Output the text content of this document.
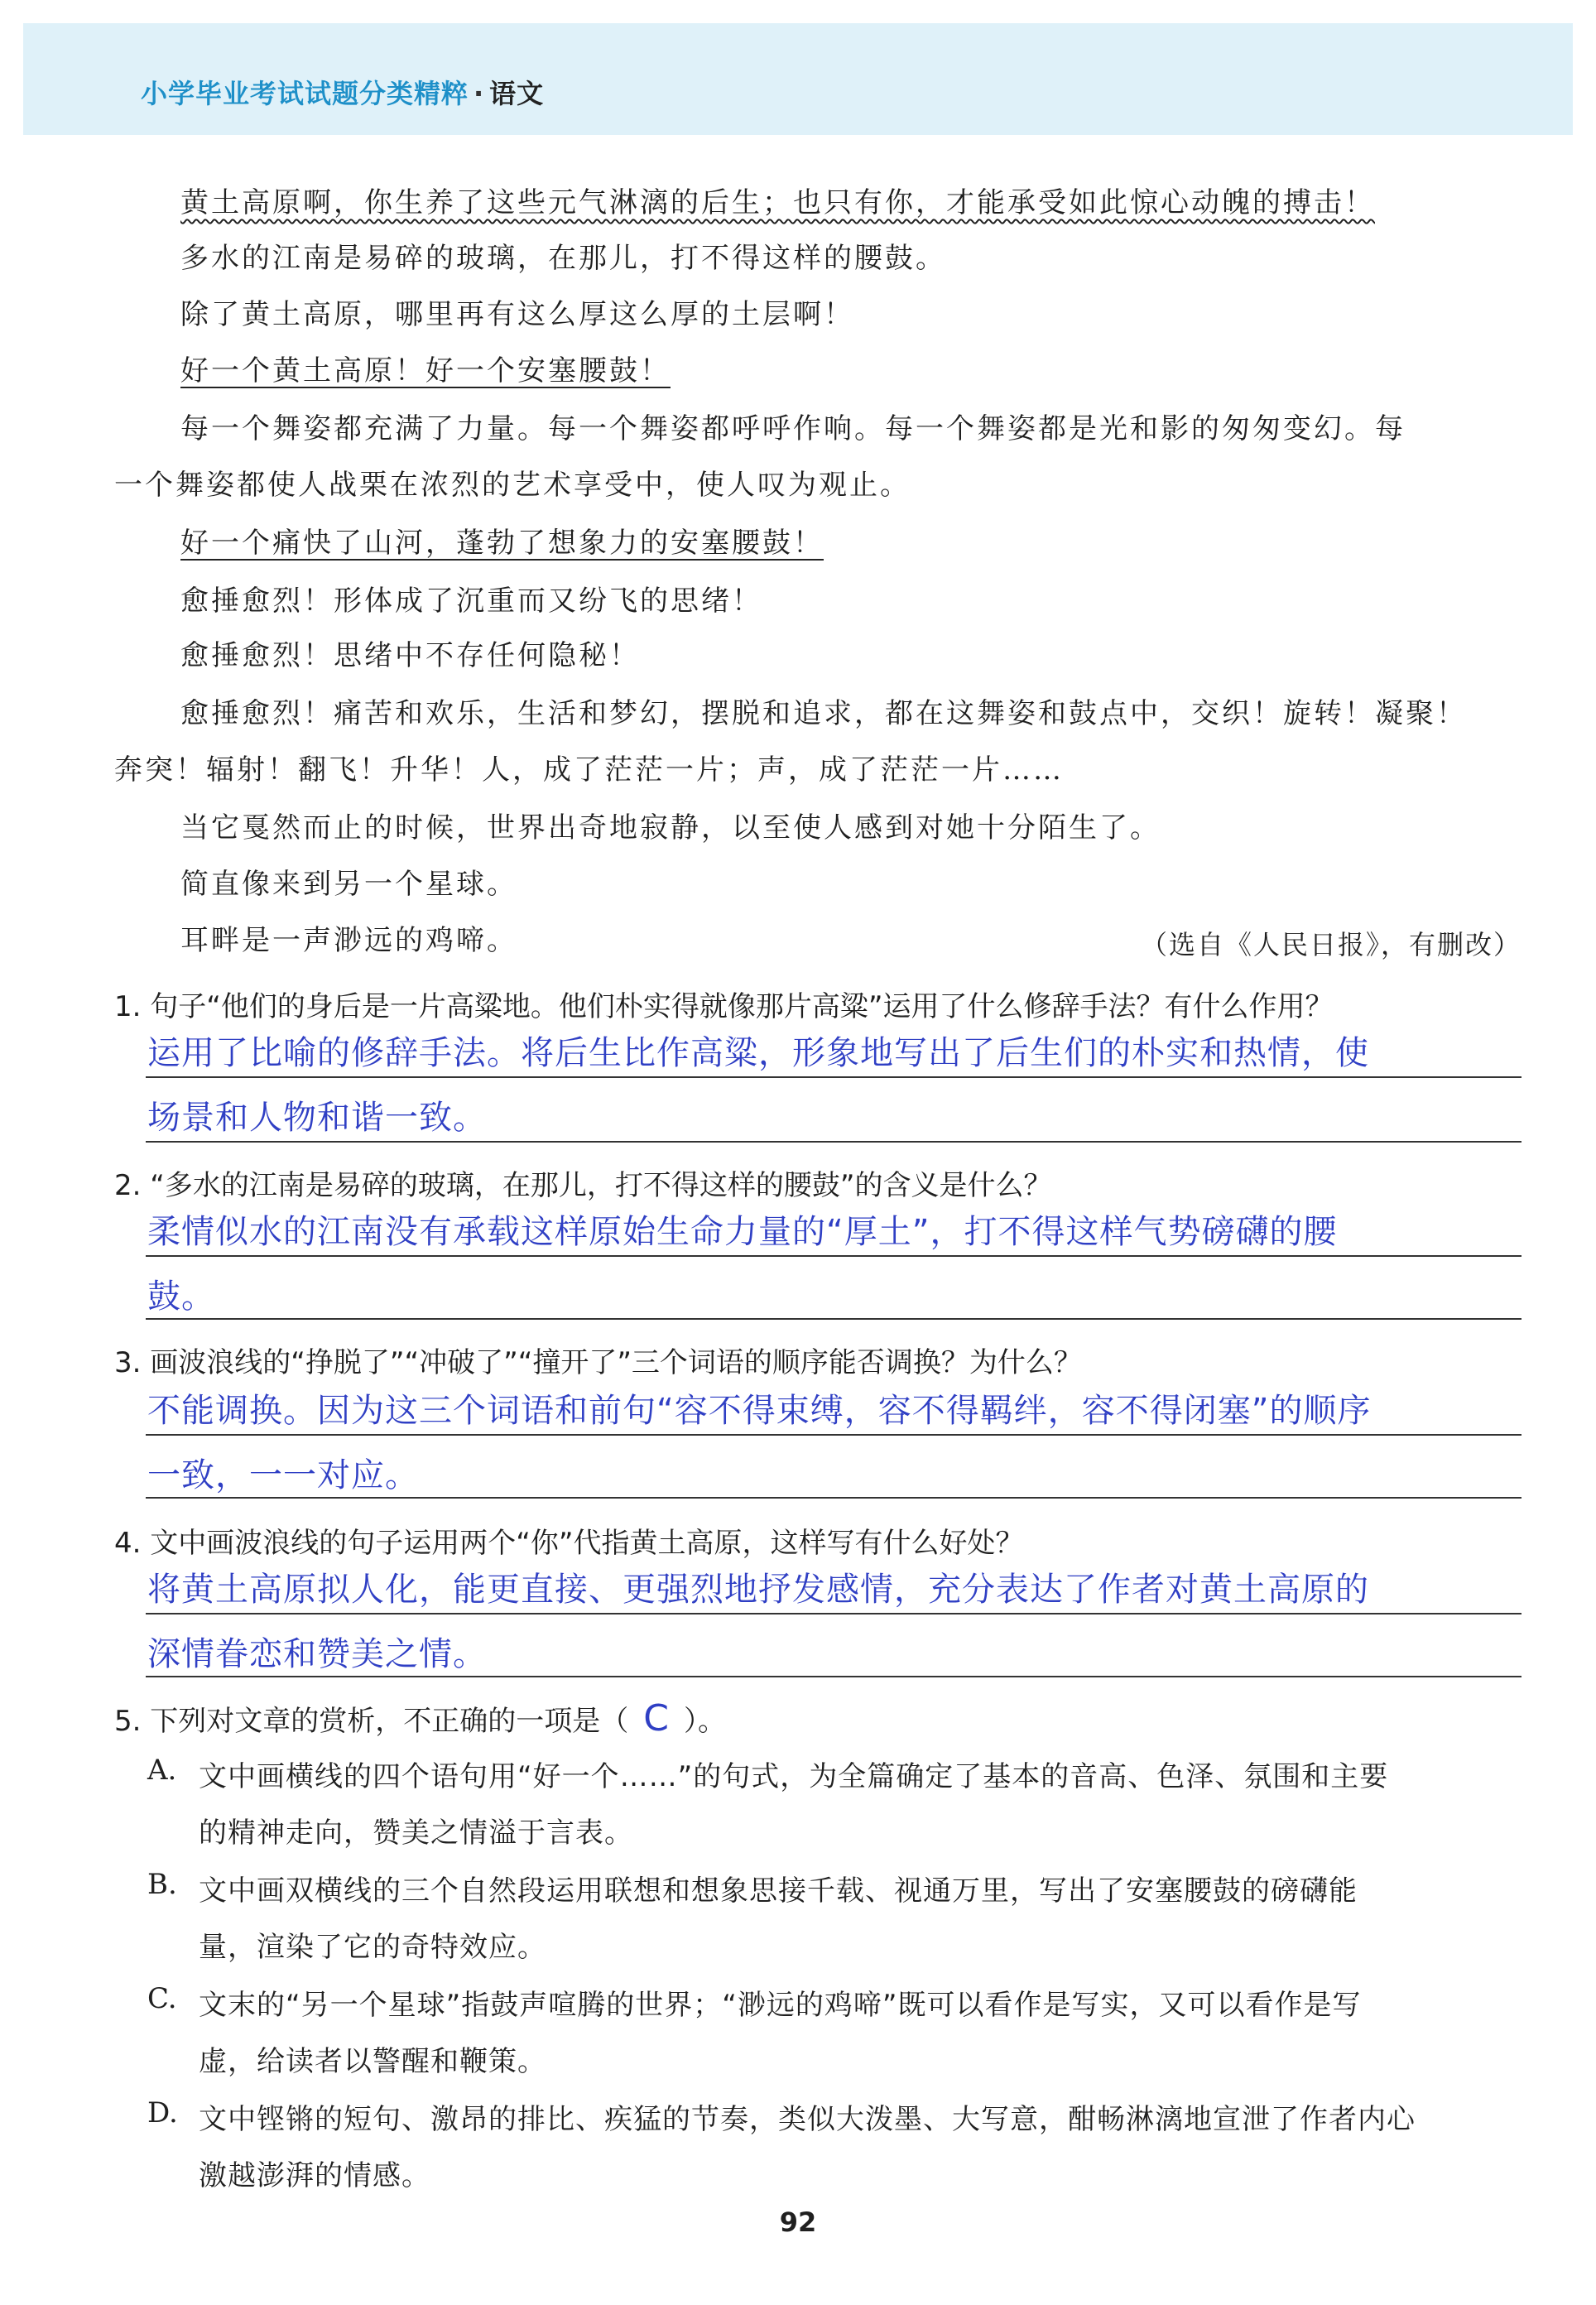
小学毕业考试试题分类精粹 · 语文
黄土高原啊，你生养了这些元气淋漓的后生；也只有你，才能承受如此惊心动魄的搏击！
多水的江南是易碎的玻璃，在那儿，打不得这样的腰鼓。
除了黄土高原，哪里再有这么厚这么厚的土层啊！
好一个黄土高原！好一个安塞腰鼓！
每一个舞姿都充满了力量。每一个舞姿都呼呼作响。每一个舞姿都是光和影的匆匆变幻。每
一个舞姿都使人战栗在浓烈的艺术享受中，使人叹为观止。
好一个痛快了山河，蓬勃了想象力的安塞腰鼓！
愈捶愈烈！形体成了沉重而又纷飞的思绪！
愈捶愈烈！思绪中不存任何隐秘！
愈捶愈烈！痛苦和欢乐，生活和梦幻，摆脱和追求，都在这舞姿和鼓点中，交织！旋转！凝聚！
奔突！辐射！翻飞！升华！人，成了茫茫一片；声，成了茫茫一片……
当它戛然而止的时候，世界出奇地寂静，以至使人感到对她十分陌生了。
简直像来到另一个星球。
耳畔是一声渺远的鸡啼。	（选自《人民日报》，有删改）
1. 句子“他们的身后是一片高粱地。他们朴实得就像那片高粱”运用了什么修辞手法？有什么作用？
运用了比喻的修辞手法。将后生比作高粱，形象地写出了后生们的朴实和热情，使
场景和人物和谐一致。
2. “多水的江南是易碎的玻璃，在那儿，打不得这样的腰鼓”的含义是什么？
柔情似水的江南没有承载这样原始生命力量的“厚土”，打不得这样气势磅礴的腰
鼓。
3. 画波浪线的“挣脱了”“冲破了”“撞开了”三个词语的顺序能否调换？为什么？
不能调换。因为这三个词语和前句“容不得束缚，容不得羁绊，容不得闭塞”的顺序
一致，一一对应。
4. 文中画波浪线的句子运用两个“你”代指黄土高原，这样写有什么好处？
将黄土高原拟人化，能更直接、更强烈地抒发感情，充分表达了作者对黄土高原的
深情眷恋和赞美之情。
5. 下列对文章的赏析，不正确的一项是（ C ）。
A. 文中画横线的四个语句用“好一个……”的句式，为全篇确定了基本的音高、色泽、氛围和主要
的精神走向，赞美之情溢于言表。
B. 文中画双横线的三个自然段运用联想和想象思接千载、视通万里，写出了安塞腰鼓的磅礴能
量，渲染了它的奇特效应。
C. 文末的“另一个星球”指鼓声喧腾的世界；“渺远的鸡啼”既可以看作是写实，又可以看作是写
虚，给读者以警醒和鞭策。
D. 文中铿锵的短句、激昂的排比、疾猛的节奏，类似大泼墨、大写意，酣畅淋漓地宣泄了作者内心
激越澎湃的情感。
92
